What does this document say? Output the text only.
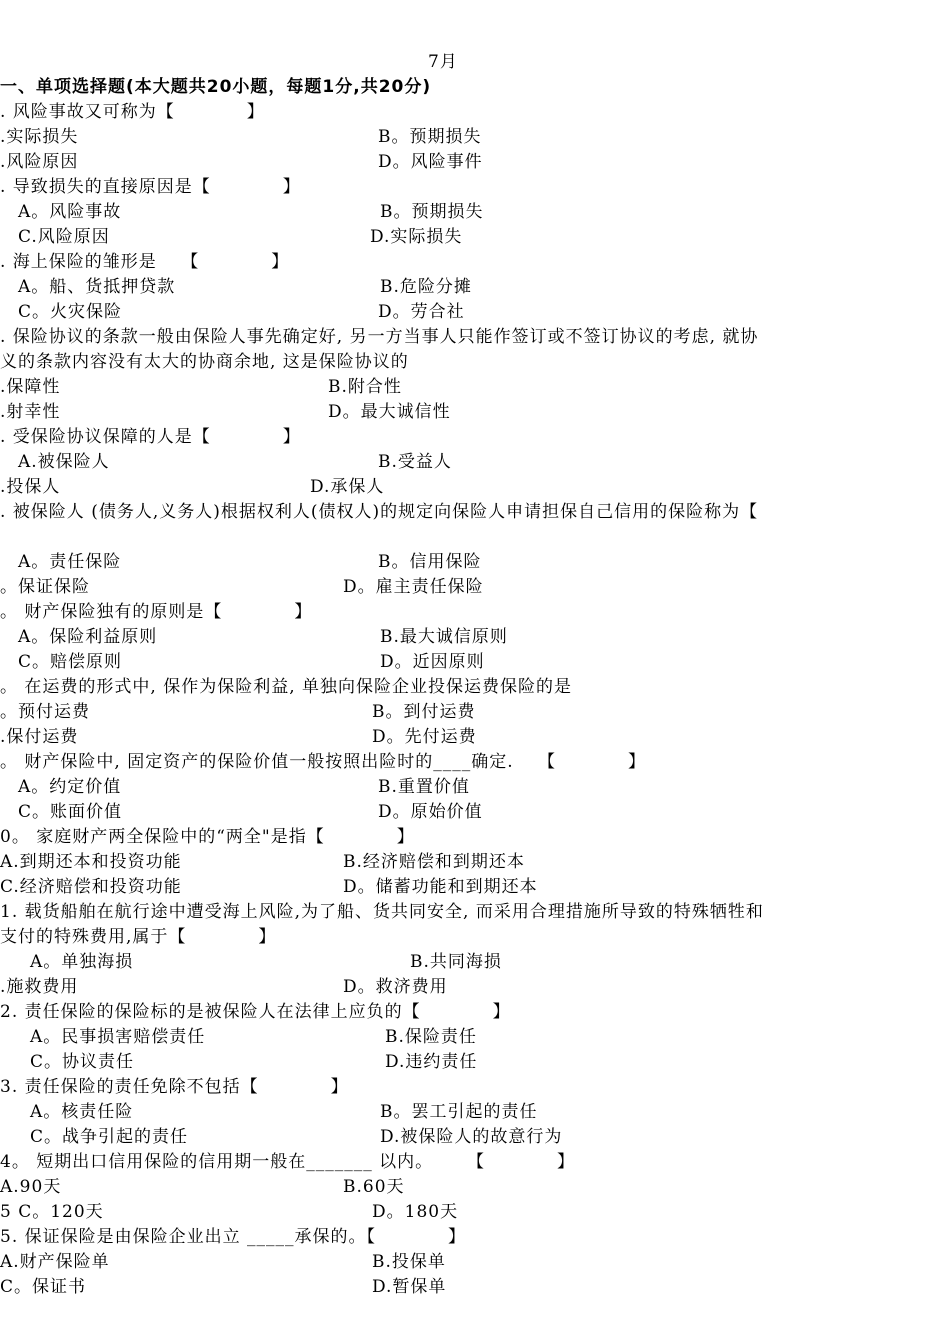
7月
一、单项选择题(本大题共20小题，每题1分,共20分)
. 风险事故又可称为【　　　　】
.实际损失	B。预期损失
.风险原因	D。风险事件
. 导致损失的直接原因是【　　　　】
A。风险事故	B。预期损失
C.风险原因	D.实际损失
. 海上保险的雏形是　 【　　　　】
A。船、货抵押贷款	B.危险分摊
C。火灾保险	D。劳合社
. 保险协议的条款一般由保险人事先确定好, 另一方当事人只能作签订或不签订协议的考虑, 就协
义的条款内容没有太大的协商余地, 这是保险协议的
.保障性	B.附合性
.射幸性	D。最大诚信性
. 受保险协议保障的人是【　　　　】
A.被保险人	B.受益人
.投保人	D.承保人
. 被保险人 (债务人,义务人)根据权利人(债权人)的规定向保险人申请担保自己信用的保险称为【
A。责任保险	B。信用保险
。保证保险	D。雇主责任保险
。 财产保险独有的原则是【　　　　】
A。保险利益原则	B.最大诚信原则
C。赔偿原则	D。近因原则
。 在运费的形式中, 保作为保险利益, 单独向保险企业投保运费保险的是
。预付运费	B。到付运费
.保付运费	D。先付运费
。 财产保险中, 固定资产的保险价值一般按照出险时的____确定.　 【　　　　】
A。约定价值	B.重置价值
C。账面价值	D。原始价值
0。 家庭财产两全保险中的“两全"是指【　　　　】
A.到期还本和投资功能	B.经济赔偿和到期还本
C.经济赔偿和投资功能	D。储蓄功能和到期还本
1. 载货船舶在航行途中遭受海上风险,为了船、货共同安全, 而采用合理措施所导致的特殊牺牲和
支付的特殊费用,属于【　　　　】
A。单独海损	B.共同海损
.施救费用	D。救济费用
2. 责任保险的保险标的是被保险人在法律上应负的【　　　　】
A。民事损害赔偿责任	B.保险责任
C。协议责任	D.违约责任
3. 责任保险的责任免除不包括【　　　　】
A。核责任险	B。罢工引起的责任
C。战争引起的责任	D.被保险人的故意行为
4。 短期出口信用保险的信用期一般在_______ 以内。　　 【　　　　】
A.90天	B.60天
5 C。120天	D。180天
5. 保证保险是由保险企业出立 _____承保的。【　　　　】
A.财产保险单	B.投保单
C。保证书	D.暂保单
